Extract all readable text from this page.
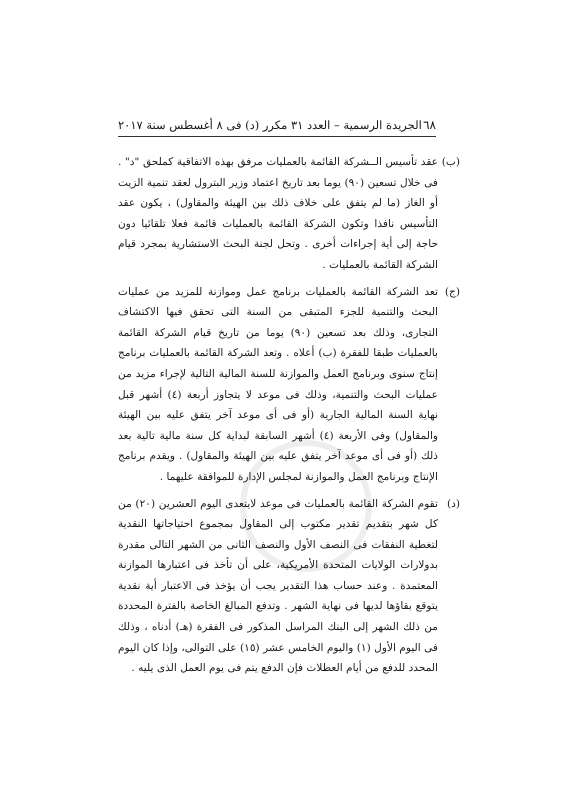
٦٨
الجريدة الرسمية – العدد ٣١ مكرر (د) فى ٨ أغسطس سنة ٢٠١٧
(ب)
عقد تأسيس الــشركة القائمة بالعمليات مرفق بهذه الاتفاقية كملحق "د" . فى خلال تسعين (٩٠) يوما بعد تاريخ اعتماد وزير البترول لعقد تنمية الزيت أو الغاز (ما لم يتفق على خلاف ذلك بين الهيئة والمقاول) ، يكون عقد التأسيس نافذا وتكون الشركة القائمة بالعمليات قائمة فعلا تلقائيا دون حاجة إلى أية إجراءات أخرى . وتحل لجنة البحث الاستشارية بمجرد قيام الشركة القائمة بالعمليات .
(ج)
تعد الشركة القائمة بالعمليات برنامج عمل وموازنة للمزيد من عمليات البحث والتنمية للجزء المتبقى من السنة التى تحقق فيها الاكتشاف التجارى، وذلك بعد تسعين (٩٠) يوما من تاريخ قيام الشركة القائمة بالعمليات طبقا للفقرة (ب) أعلاه . وتعد الشركة القائمة بالعمليات برنامج إنتاج سنوى وبرنامج العمل والموازنة للسنة المالية التالية لإجراء مزيد من عمليات البحث والتنمية، وذلك فى موعد لا يتجاوز أربعة (٤) أشهر قبل نهاية السنة المالية الجارية (أو فى أى موعد آخر يتفق عليه بين الهيئة والمقاول) وفى الأربعة (٤) أشهر السابقة لبداية كل سنة مالية تالية بعد ذلك (أو فى أى موعد آخر يتفق عليه بين الهيئة والمقاول) . ويقدم برنامج الإنتاج وبرنامج العمل والموازنة لمجلس الإدارة للموافقة عليهما .
(د)
تقوم الشركة القائمة بالعمليات فى موعد لايتعدى اليوم العشرين (٢٠) من كل شهر بتقديم تقدير مكتوب إلى المقاول بمجموع احتياجاتها النقدية لتغطية النفقات فى النصف الأول والنصف الثانى من الشهر التالى مقدرة بدولارات الولايات المتحدة الأمريكية، على أن تأخذ فى اعتبارها الموازنة المعتمدة . وعند حساب هذا التقدير يجب أن يؤخذ فى الاعتبار أية نقدية يتوقع بقاؤها لديها فى نهاية الشهر . وتدفع المبالغ الخاصة بالفترة المحددة من ذلك الشهر إلى البنك المراسل المذكور فى الفقرة (هـ) أدناه ، وذلك فى اليوم الأول (١) واليوم الخامس عشر (١٥) على التوالى، وإذا كان اليوم المحدد للدفع من أيام العطلات فإن الدفع يتم فى يوم العمل الذى يليه .
